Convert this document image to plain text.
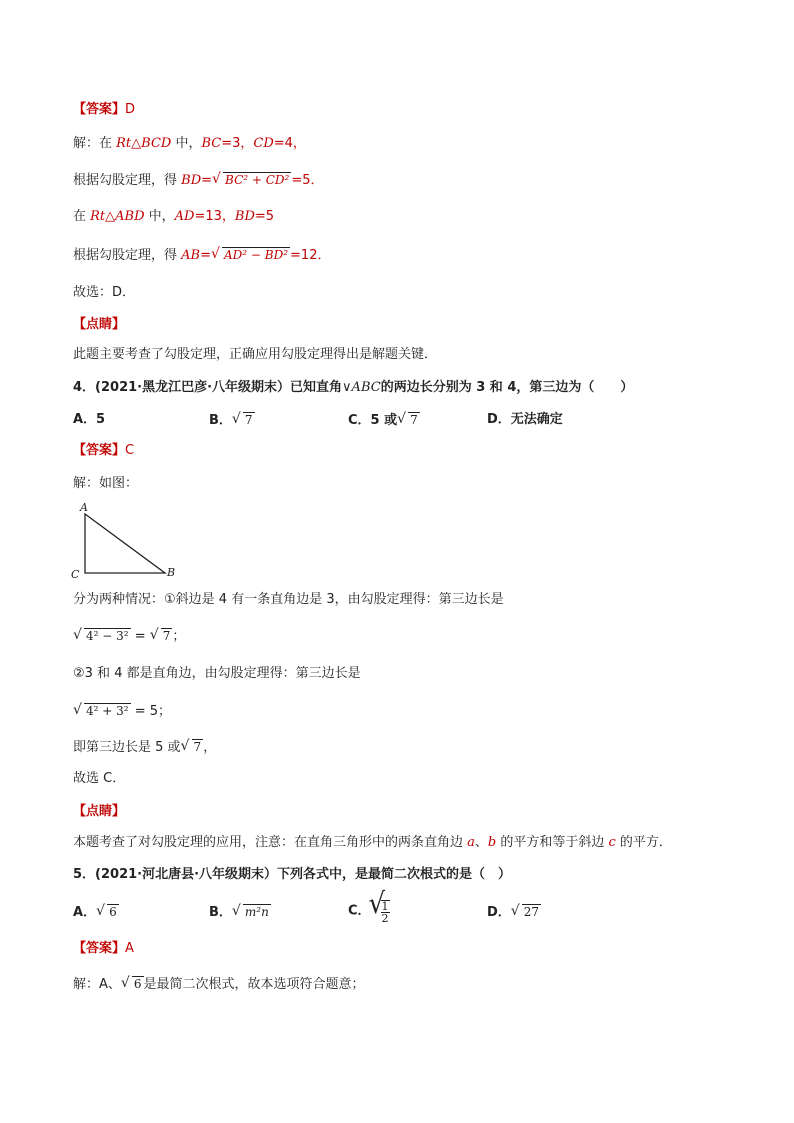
【答案】D
解：在 Rt△BCD 中，BC=3，CD=4，
根据勾股定理，得 BD= √ BC² + CD² =5．
在 Rt△ABD 中，AD=13，BD=5
根据勾股定理，得 AB= √ AD² − BD² =12．
故选：D．
【点睛】
此题主要考查了勾股定理，正确应用勾股定理得出是解题关键．
4．(2021·黑龙江巴彦·八年级期末）已知直角∨ABC的两边长分别为 3 和 4，第三边为（　　）
A．5	B． √ 7	C．5 或 √ 7	D．无法确定
【答案】C
解：如图：
A
C	B
分为两种情况：①斜边是 4 有一条直角边是 3，由勾股定理得：第三边长是
√ 4² − 3² = √ 7 ；
②3 和 4 都是直角边，由勾股定理得：第三边长是
√ 4² + 3² = 5；
即第三边长是 5 或 √ 7 ，
故选 C．
【点睛】
本题考查了对勾股定理的应用，注意：在直角三角形中的两条直角边 a、b 的平方和等于斜边 c 的平方．
5．(2021·河北唐县·八年级期末）下列各式中，是最简二次根式的是（　）
A． √ 6	B． √ m²n	C． √ $\frac{1}{2}$	D． √ 27
【答案】A
解：A、 √ 6 是最简二次根式，故本选项符合题意；
